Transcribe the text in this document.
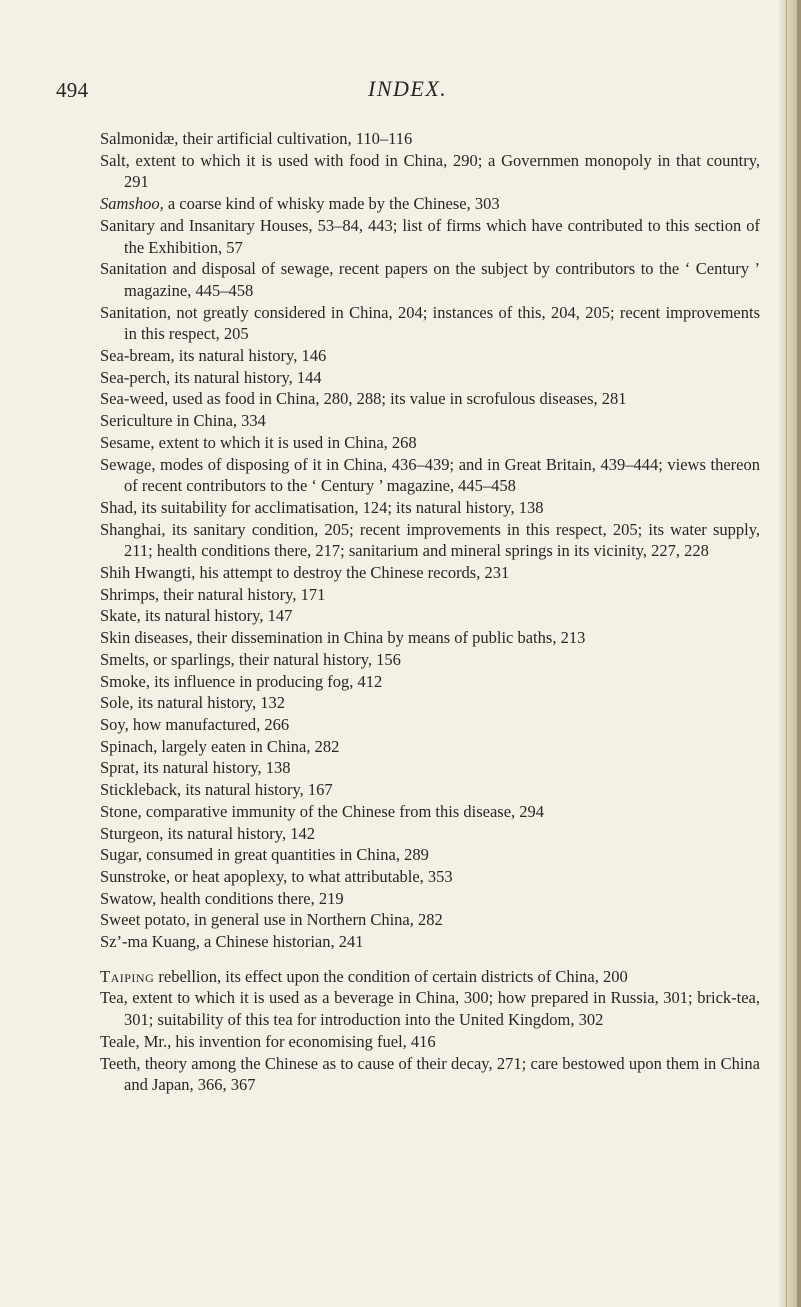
494	INDEX.

Salmonidæ, their artificial cultivation, 110–116

Salt, extent to which it is used with food in China, 290; a Governmen monopoly in that country, 291

Samshoo, a coarse kind of whisky made by the Chinese, 303

Sanitary and Insanitary Houses, 53–84, 443; list of firms which have contributed to this section of the Exhibition, 57

Sanitation and disposal of sewage, recent papers on the subject by contributors to the ‘ Century ’ magazine, 445–458

Sanitation, not greatly considered in China, 204; instances of this, 204, 205; recent improvements in this respect, 205

Sea-bream, its natural history, 146

Sea-perch, its natural history, 144

Sea-weed, used as food in China, 280, 288; its value in scrofulous diseases, 281

Sericulture in China, 334

Sesame, extent to which it is used in China, 268

Sewage, modes of disposing of it in China, 436–439; and in Great Britain, 439–444; views thereon of recent contributors to the ‘ Century ’ magazine, 445–458

Shad, its suitability for acclimatisation, 124; its natural history, 138

Shanghai, its sanitary condition, 205; recent improvements in this respect, 205; its water supply, 211; health conditions there, 217; sanitarium and mineral springs in its vicinity, 227, 228

Shih Hwangti, his attempt to destroy the Chinese records, 231

Shrimps, their natural history, 171

Skate, its natural history, 147

Skin diseases, their dissemination in China by means of public baths, 213

Smelts, or sparlings, their natural history, 156

Smoke, its influence in producing fog, 412

Sole, its natural history, 132

Soy, how manufactured, 266

Spinach, largely eaten in China, 282

Sprat, its natural history, 138

Stickleback, its natural history, 167

Stone, comparative immunity of the Chinese from this disease, 294

Sturgeon, its natural history, 142

Sugar, consumed in great quantities in China, 289

Sunstroke, or heat apoplexy, to what attributable, 353

Swatow, health conditions there, 219

Sweet potato, in general use in Northern China, 282

Sz’-ma Kuang, a Chinese historian, 241

Taiping rebellion, its effect upon the condition of certain districts of China, 200

Tea, extent to which it is used as a beverage in China, 300; how prepared in Russia, 301; brick-tea, 301; suitability of this tea for introduction into the United Kingdom, 302

Teale, Mr., his invention for economising fuel, 416

Teeth, theory among the Chinese as to cause of their decay, 271; care bestowed upon them in China and Japan, 366, 367
